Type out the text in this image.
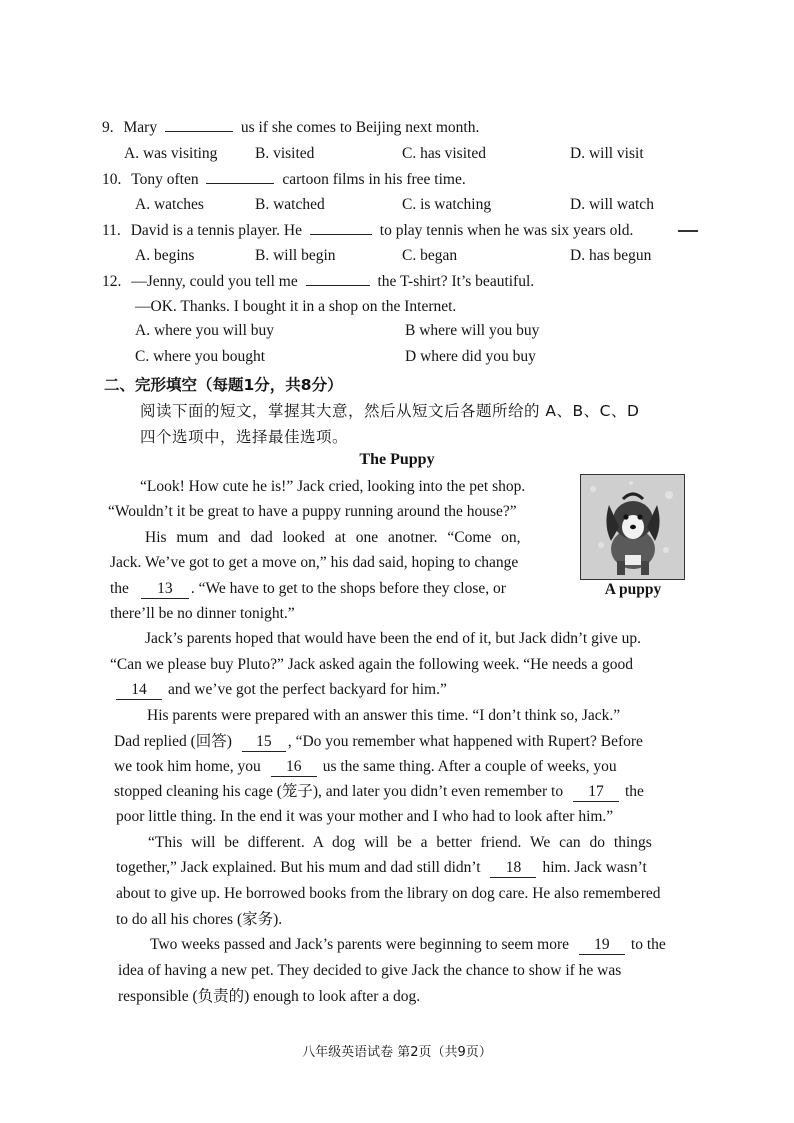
9. Mary	us if she comes to Beijing next month.
A. was visiting B. visited	C. has visited	D. will visit
10. Tony often	cartoon films in his free time.
A. watches	B. watched	C. is watching	D. will watch
11. David is a tennis player. He	to play tennis when he was six years old.
A. begins	B. will begin	C. began	D. has begun
12. —Jenny, could you tell me	the T-shirt? It’s beautiful.
—OK. Thanks. I bought it in a shop on the Internet.
A. where you will buy	B where will you buy
C. where you bought	D where did you buy
二、完形填空（每题1分，共8分）
阅读下面的短文，掌握其大意，然后从短文后各题所给的 A、B、C、D
四个选项中，选择最佳选项。
The Puppy
A puppy
“Look! How cute he is!” Jack cried, looking into the pet shop.
“Wouldn’t it be great to have a puppy running around the house?”
His mum and dad looked at one anotner. “Come on,
Jack. We’ve got to get a move on,” his dad said, hoping to change
the 13 . “We have to get to the shops before they close, or
there’ll be no dinner tonight.”
Jack’s parents hoped that would have been the end of it, but Jack didn’t give up.
“Can we please buy Pluto?” Jack asked again the following week. “He needs a good
14 and we’ve got the perfect backyard for him.”
His parents were prepared with an answer this time. “I don’t think so, Jack.”
Dad replied (回答) 15 , “Do you remember what happened with Rupert? Before
we took him home, you 16 us the same thing. After a couple of weeks, you
stopped cleaning his cage (笼子), and later you didn’t even remember to 17 the
poor little thing. In the end it was your mother and I who had to look after him.”
“This will be different. A dog will be a better friend. We can do things
together,” Jack explained. But his mum and dad still didn’t 18 him. Jack wasn’t
about to give up. He borrowed books from the library on dog care. He also remembered
to do all his chores (家务).
Two weeks passed and Jack’s parents were beginning to seem more 19 to the
idea of having a new pet. They decided to give Jack the chance to show if he was
responsible (负责的) enough to look after a dog.
八年级英语试卷 第2页（共9页）
